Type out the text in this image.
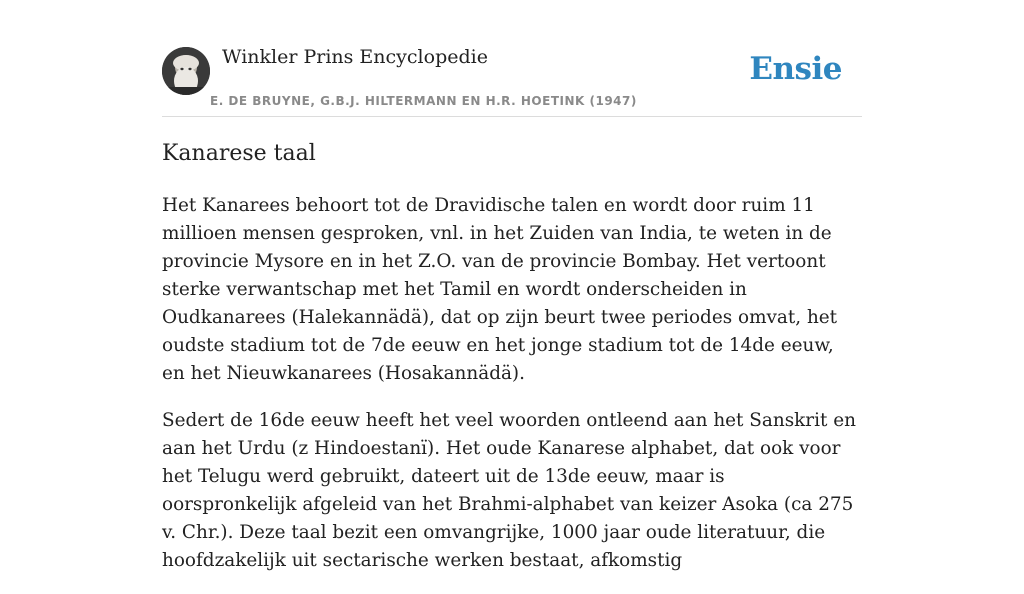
Winkler Prins Encyclopedie
E. DE BRUYNE, G.B.J. HILTERMANN EN H.R. HOETINK (1947)
Ensie
Kanarese taal

Het Kanarees behoort tot de Dravidische talen en wordt door ruim 11 millioen mensen gesproken, vnl. in het Zuiden van India, te weten in de provincie Mysore en in het Z.O. van de provincie Bombay. Het vertoont sterke verwantschap met het Tamil en wordt onderscheiden in Oudkanarees (Halekannädä), dat op zijn beurt twee periodes omvat, het oudste stadium tot de 7de eeuw en het jonge stadium tot de 14de eeuw, en het Nieuwkanarees (Hosakannädä).

Sedert de 16de eeuw heeft het veel woorden ontleend aan het Sanskrit en aan het Urdu (z Hindoestanï). Het oude Kanarese alphabet, dat ook voor het Telugu werd gebruikt, dateert uit de 13de eeuw, maar is oorspronkelijk afgeleid van het Brahmi-alphabet van keizer Asoka (ca 275 v. Chr.). Deze taal bezit een omvangrijke, 1000 jaar oude literatuur, die hoofdzakelijk uit sectarische werken bestaat, afkomstig
